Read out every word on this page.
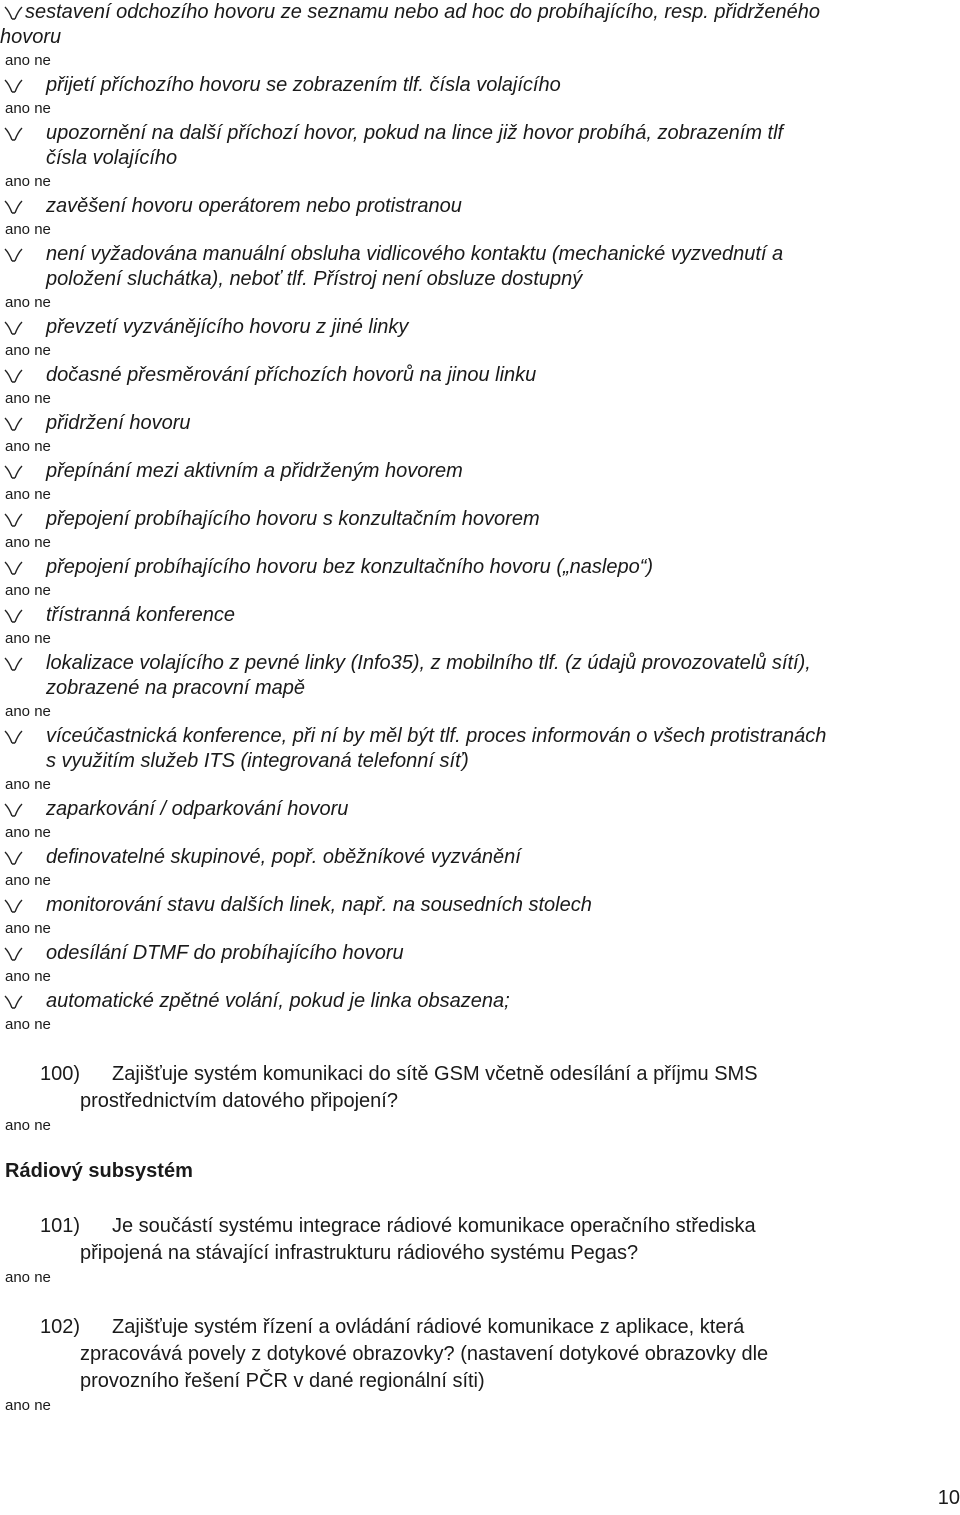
sestavení odchozího hovoru ze seznamu nebo ad hoc do probíhajícího, resp. přidrženého
hovoru

ano ne

přijetí příchozího hovoru se zobrazením tlf. čísla volajícího

ano ne

upozornění na další příchozí hovor, pokud na lince již hovor probíhá, zobrazením tlf
čísla volajícího

ano ne

zavěšení hovoru operátorem nebo protistranou

ano ne

není vyžadována manuální obsluha vidlicového kontaktu (mechanické vyzvednutí a
položení sluchátka), neboť tlf. Přístroj není obsluze dostupný

ano ne

převzetí vyzvánějícího hovoru z jiné linky

ano ne

dočasné přesměrování příchozích hovorů na jinou linku

ano ne

přidržení hovoru

ano ne

přepínání mezi aktivním a přidrženým hovorem

ano ne

přepojení probíhajícího hovoru s konzultačním hovorem

ano ne

přepojení probíhajícího hovoru bez konzultačního hovoru („naslepo“)

ano ne

třístranná konference

ano ne

lokalizace volajícího z pevné linky (Info35), z mobilního tlf. (z údajů provozovatelů sítí),
zobrazené na pracovní mapě

ano ne

víceúčastnická konference, při ní by měl být tlf. proces informován o všech protistranách
s využitím služeb ITS (integrovaná telefonní síť)

ano ne

zaparkování / odparkování hovoru

ano ne

definovatelné skupinové, popř. oběžníkové vyzvánění

ano ne

monitorování stavu dalších linek, např. na sousedních stolech

ano ne

odesílání DTMF do probíhajícího hovoru

ano ne

automatické zpětné volání, pokud je linka obsazena;

ano ne
100)	Zajišťuje systém komunikaci do sítě GSM včetně odesílání a příjmu SMS
prostřednictvím datového připojení?
ano ne
Rádiový subsystém
101)	Je součástí systému integrace rádiové komunikace operačního střediska
připojená na stávající infrastrukturu rádiového systému Pegas?
ano ne
102)	Zajišťuje systém řízení a ovládání rádiové komunikace z aplikace, která
zpracovává povely z dotykové obrazovky? (nastavení dotykové obrazovky dle
provozního řešení PČR v dané regionální síti)
ano ne
10
